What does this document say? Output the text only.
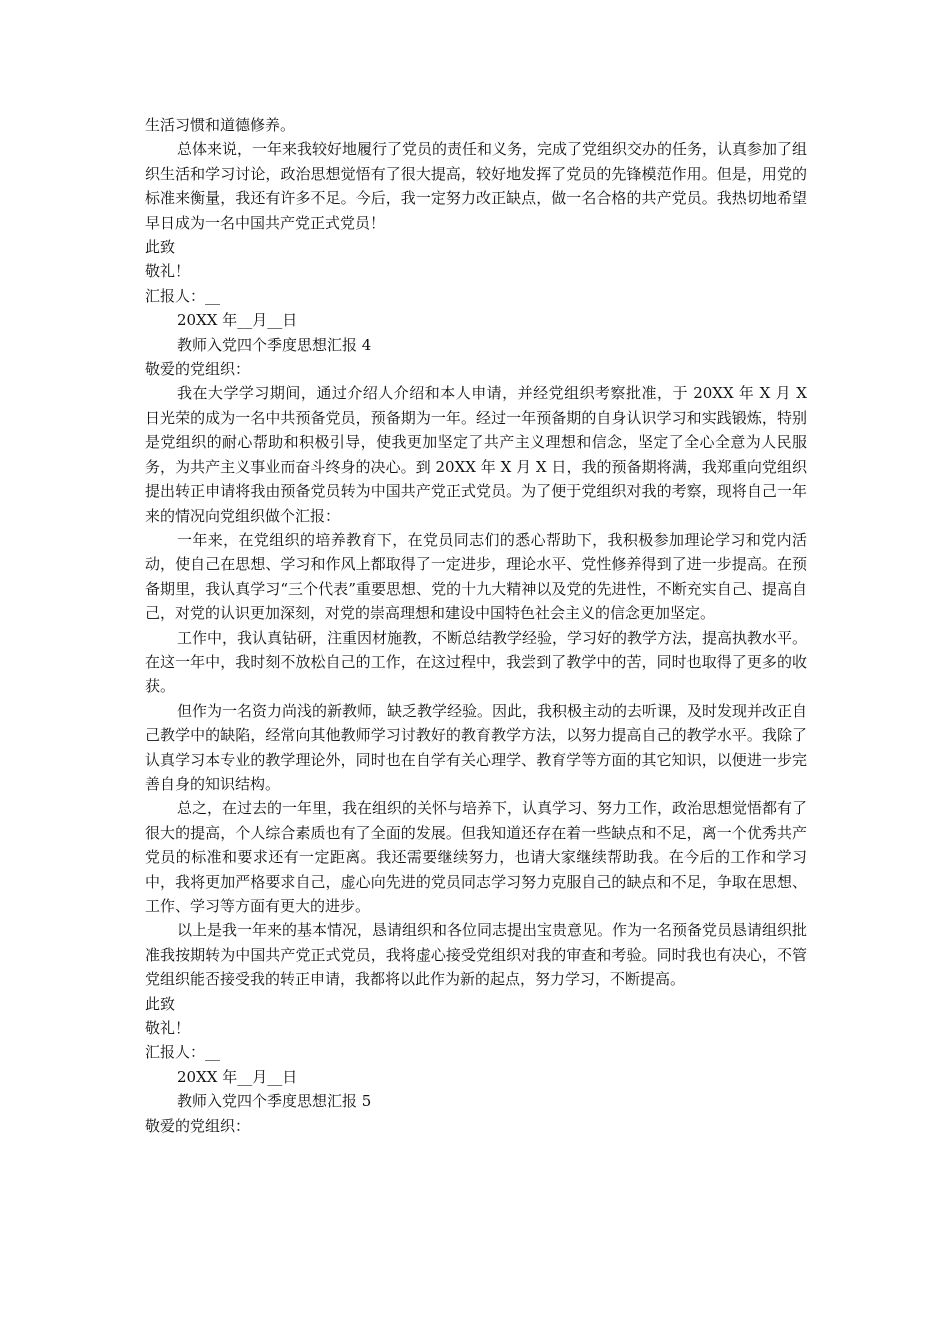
生活习惯和道德修养。

总体来说，一年来我较好地履行了党员的责任和义务，完成了党组织交办的任务，认真参加了组织生活和学习讨论，政治思想觉悟有了很大提高，较好地发挥了党员的先锋模范作用。但是，用党的标准来衡量，我还有许多不足。今后，我一定努力改正缺点，做一名合格的共产党员。我热切地希望早日成为一名中国共产党正式党员！

此致

敬礼！

汇报人：__

20XX 年__月__日

教师入党四个季度思想汇报 4

敬爱的党组织：

我在大学学习期间，通过介绍人介绍和本人申请，并经党组织考察批准，于 20XX 年 X 月 X 日光荣的成为一名中共预备党员，预备期为一年。经过一年预备期的自身认识学习和实践锻炼，特别是党组织的耐心帮助和积极引导，使我更加坚定了共产主义理想和信念，坚定了全心全意为人民服务，为共产主义事业而奋斗终身的决心。到 20XX 年 X 月 X 日，我的预备期将满，我郑重向党组织提出转正申请将我由预备党员转为中国共产党正式党员。为了便于党组织对我的考察，现将自己一年来的情况向党组织做个汇报：

一年来，在党组织的培养教育下，在党员同志们的悉心帮助下，我积极参加理论学习和党内活动，使自己在思想、学习和作风上都取得了一定进步，理论水平、党性修养得到了进一步提高。在预备期里，我认真学习“三个代表”重要思想、党的十九大精神以及党的先进性，不断充实自己、提高自己，对党的认识更加深刻，对党的崇高理想和建设中国特色社会主义的信念更加坚定。

工作中，我认真钻研，注重因材施教，不断总结教学经验，学习好的教学方法，提高执教水平。在这一年中，我时刻不放松自己的工作，在这过程中，我尝到了教学中的苦，同时也取得了更多的收获。

但作为一名资力尚浅的新教师，缺乏教学经验。因此，我积极主动的去听课，及时发现并改正自己教学中的缺陷，经常向其他教师学习讨教好的教育教学方法，以努力提高自己的教学水平。我除了认真学习本专业的教学理论外，同时也在自学有关心理学、教育学等方面的其它知识，以便进一步完善自身的知识结构。

总之，在过去的一年里，我在组织的关怀与培养下，认真学习、努力工作，政治思想觉悟都有了很大的提高，个人综合素质也有了全面的发展。但我知道还存在着一些缺点和不足，离一个优秀共产党员的标准和要求还有一定距离。我还需要继续努力，也请大家继续帮助我。在今后的工作和学习中，我将更加严格要求自己，虚心向先进的党员同志学习努力克服自己的缺点和不足，争取在思想、工作、学习等方面有更大的进步。

以上是我一年来的基本情况，恳请组织和各位同志提出宝贵意见。作为一名预备党员恳请组织批准我按期转为中国共产党正式党员，我将虚心接受党组织对我的审查和考验。同时我也有决心，不管党组织能否接受我的转正申请，我都将以此作为新的起点，努力学习，不断提高。

此致

敬礼！

汇报人：__

20XX 年__月__日

教师入党四个季度思想汇报 5

敬爱的党组织：
